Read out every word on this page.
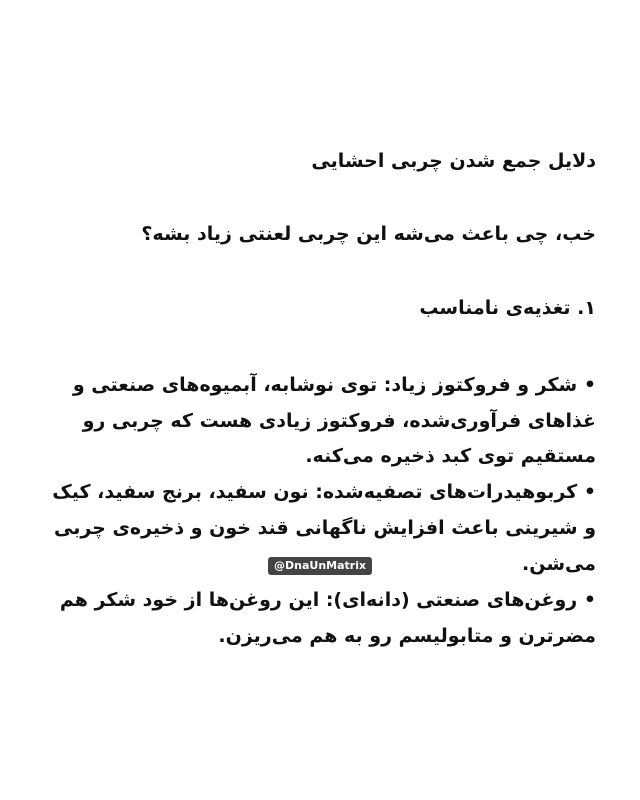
دلایل جمع شدن چربی احشایی
خب، چی باعث می‌شه این چربی لعنتی زیاد بشه؟
۱. تغذیه‌ی نامناسب
• شکر و فروکتوز زیاد: توی نوشابه، آبمیوه‌های صنعتی و
غذاهای فرآوری‌شده، فروکتوز زیادی هست که چربی رو
مستقیم توی کبد ذخیره می‌کنه.
• کربوهیدرات‌های تصفیه‌شده: نون سفید، برنج سفید، کیک
و شیرینی باعث افزایش ناگهانی قند خون و ذخیره‌ی چربی
می‌شن.
• روغن‌های صنعتی (دانه‌ای): این روغن‌ها از خود شکر هم
مضرترن و متابولیسم رو به هم می‌ریزن.
@DnaUnMatrix
